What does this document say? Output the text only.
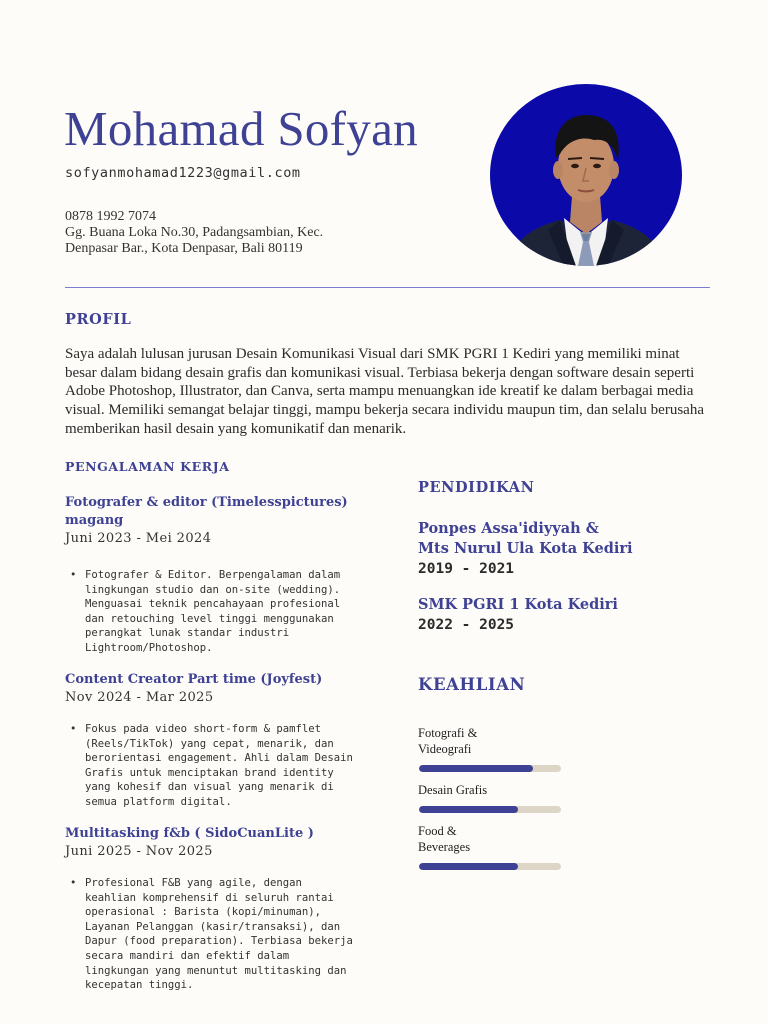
Mohamad Sofyan
sofyanmohamad1223@gmail.com
0878 1992 7074
Gg. Buana Loka No.30, Padangsambian, Kec.
Denpasar Bar., Kota Denpasar, Bali 80119
PROFIL

Saya adalah lulusan jurusan Desain Komunikasi Visual dari SMK PGRI 1 Kediri yang memiliki minat besar dalam bidang desain grafis dan komunikasi visual. Terbiasa bekerja dengan software desain seperti Adobe Photoshop, Illustrator, dan Canva, serta mampu menuangkan ide kreatif ke dalam berbagai media visual. Memiliki semangat belajar tinggi, mampu bekerja secara individu maupun tim, dan selalu berusaha memberikan hasil desain yang komunikatif dan menarik.

PENGALAMAN KERJA
Fotografer & editor (Timelesspictures) magang
Juni 2023 - Mei 2024
• Fotografer & Editor. Berpengalaman dalam lingkungan studio dan on-site (wedding). Menguasai teknik pencahayaan profesional dan retouching level tinggi menggunakan perangkat lunak standar industri Lightroom/Photoshop.
Content Creator Part time (Joyfest)
Nov 2024 - Mar 2025
• Fokus pada video short-form & pamflet (Reels/TikTok) yang cepat, menarik, dan berorientasi engagement. Ahli dalam Desain Grafis untuk menciptakan brand identity yang kohesif dan visual yang menarik di semua platform digital.
Multitasking f&b ( SidoCuanLite )
Juni 2025 - Nov 2025
• Profesional F&B yang agile, dengan keahlian komprehensif di seluruh rantai operasional : Barista (kopi/minuman), Layanan Pelanggan (kasir/transaksi), dan Dapur (food preparation). Terbiasa bekerja secara mandiri dan efektif dalam lingkungan yang menuntut multitasking dan kecepatan tinggi.
PENDIDIKAN
Ponpes Assa'idiyyah &
Mts Nurul Ula Kota Kediri
2019 - 2021
SMK PGRI 1 Kota Kediri
2022 - 2025
KEAHLIAN
Fotografi &
Videografi
Desain Grafis
Food &
Beverages
